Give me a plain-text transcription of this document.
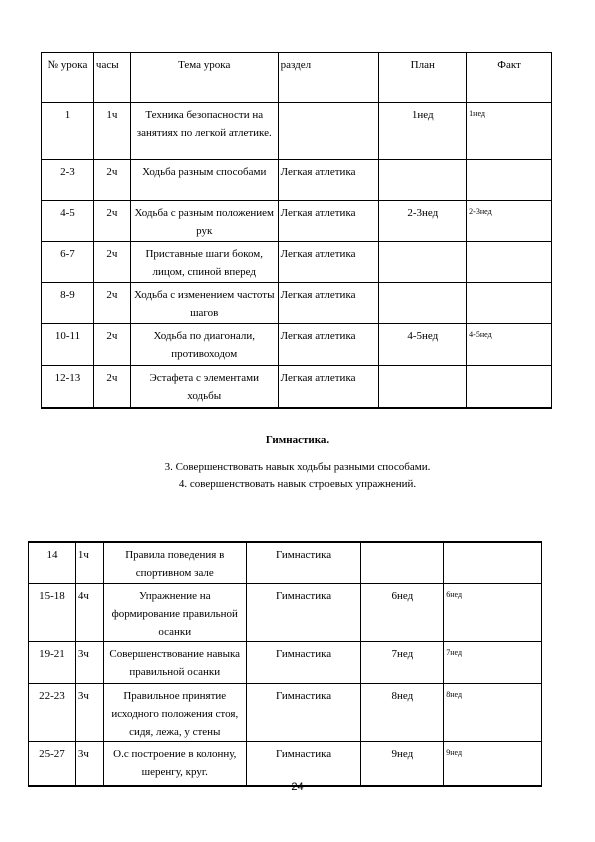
№ урока	часы	Тема урока	раздел	План	Факт
1	1ч	Техника безопасности на занятиях по легкой атлетике.		1нед	1нед
2-3	2ч	Ходьба разным способами	Легкая атлетика		
4-5	2ч	Ходьба с разным положением рук	Легкая атлетика	2-3нед	2-3нед
6-7	2ч	Приставные шаги боком, лицом, спиной вперед	Легкая атлетика		
8-9	2ч	Ходьба с изменением частоты шагов	Легкая атлетика		
10-11	2ч	Ходьба по диагонали, противоходом	Легкая атлетика	4-5нед	4-5нед
12-13	2ч	Эстафета с элементами ходьбы	Легкая атлетика		
Гимнастика.
3. Совершенствовать навык ходьбы разными способами.
4. совершенствовать навык строевых упражнений.
14	1ч	Правила поведения в спортивном зале	Гимнастика		
15-18	4ч	Упражнение на формирование правильной осанки	Гимнастика	6нед	6нед
19-21	3ч	Совершенствование навыка правильной осанки	Гимнастика	7нед	7нед
22-23	3ч	Правильное принятие исходного положения стоя, сидя, лежа, у стены	Гимнастика	8нед	8нед
25-27	3ч	О.с построение в колонну, шеренгу, круг.	Гимнастика	9нед	9нед
24
